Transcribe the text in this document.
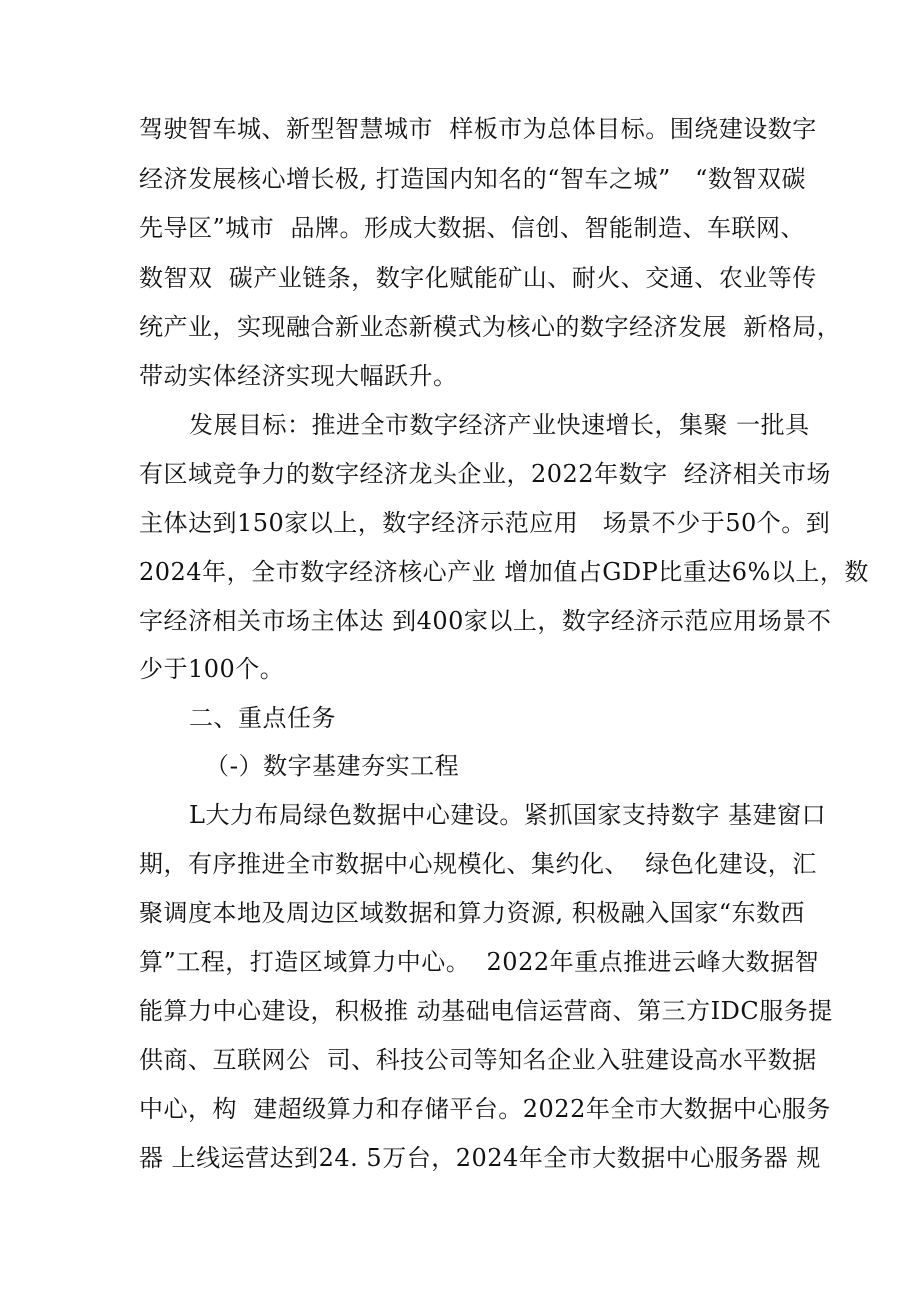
驾驶智车城、新型智慧城市  样板市为总体目标。围绕建设数字
经济发展核心增长极, 打造国内知名的“智车之城”   “数智双碳
先导区”城市  品牌。形成大数据、信创、智能制造、车联网、
数智双  碳产业链条，数字化赋能矿山、耐火、交通、农业等传
统产业，实现融合新业态新模式为核心的数字经济发展  新格局，
带动实体经济实现大幅跃升。
发展目标：推进全市数字经济产业快速增长，集聚 一批具
有区域竞争力的数字经济龙头企业，2022年数字  经济相关市场
主体达到150家以上，数字经济示范应用   场景不少于50个。到
2024年，全市数字经济核心产业 增加值占GDP比重达6%以上，数
字经济相关市场主体达 到400家以上，数字经济示范应用场景不
少于100个。
二、重点任务
（-）数字基建夯实工程
L大力布局绿色数据中心建设。紧抓国家支持数字 基建窗口
期，有序推进全市数据中心规模化、集约化、  绿色化建设，汇
聚调度本地及周边区域数据和算力资源, 积极融入国家“东数西
算”工程，打造区域算力中心。  2022年重点推进云峰大数据智
能算力中心建设，积极推 动基础电信运营商、第三方IDC服务提
供商、互联网公  司、科技公司等知名企业入驻建设高水平数据
中心，构  建超级算力和存储平台。2022年全市大数据中心服务
器 上线运营达到24. 5万台，2024年全市大数据中心服务器 规
